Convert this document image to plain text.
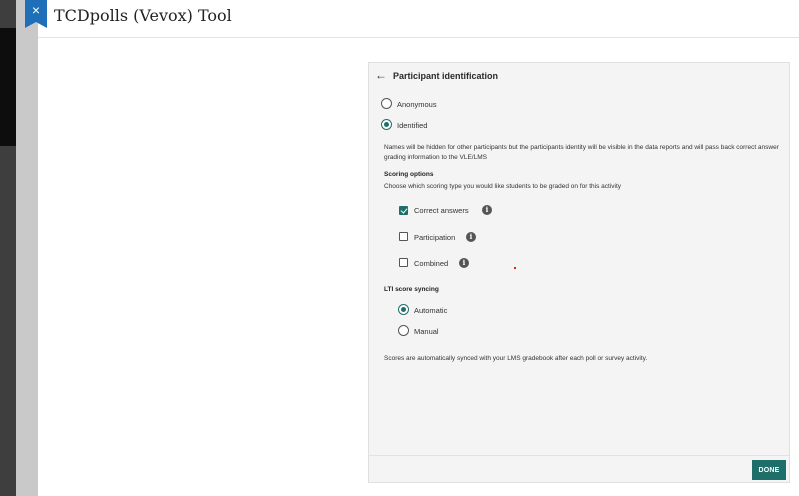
TCDpolls (Vevox) Tool
×
DONE
← Participant identification
Anonymous
Identified
Names will be hidden for other participants but the participants identity will be visible in the data reports and will pass back correct answer grading information to the VLE/LMS
Scoring options
Choose which scoring type you would like students to be graded on for this activity
Correct answers	i
Participation	i
Combined	i
LTI score syncing
Automatic
Manual
Scores are automatically synced with your LMS gradebook after each poll or survey activity.
